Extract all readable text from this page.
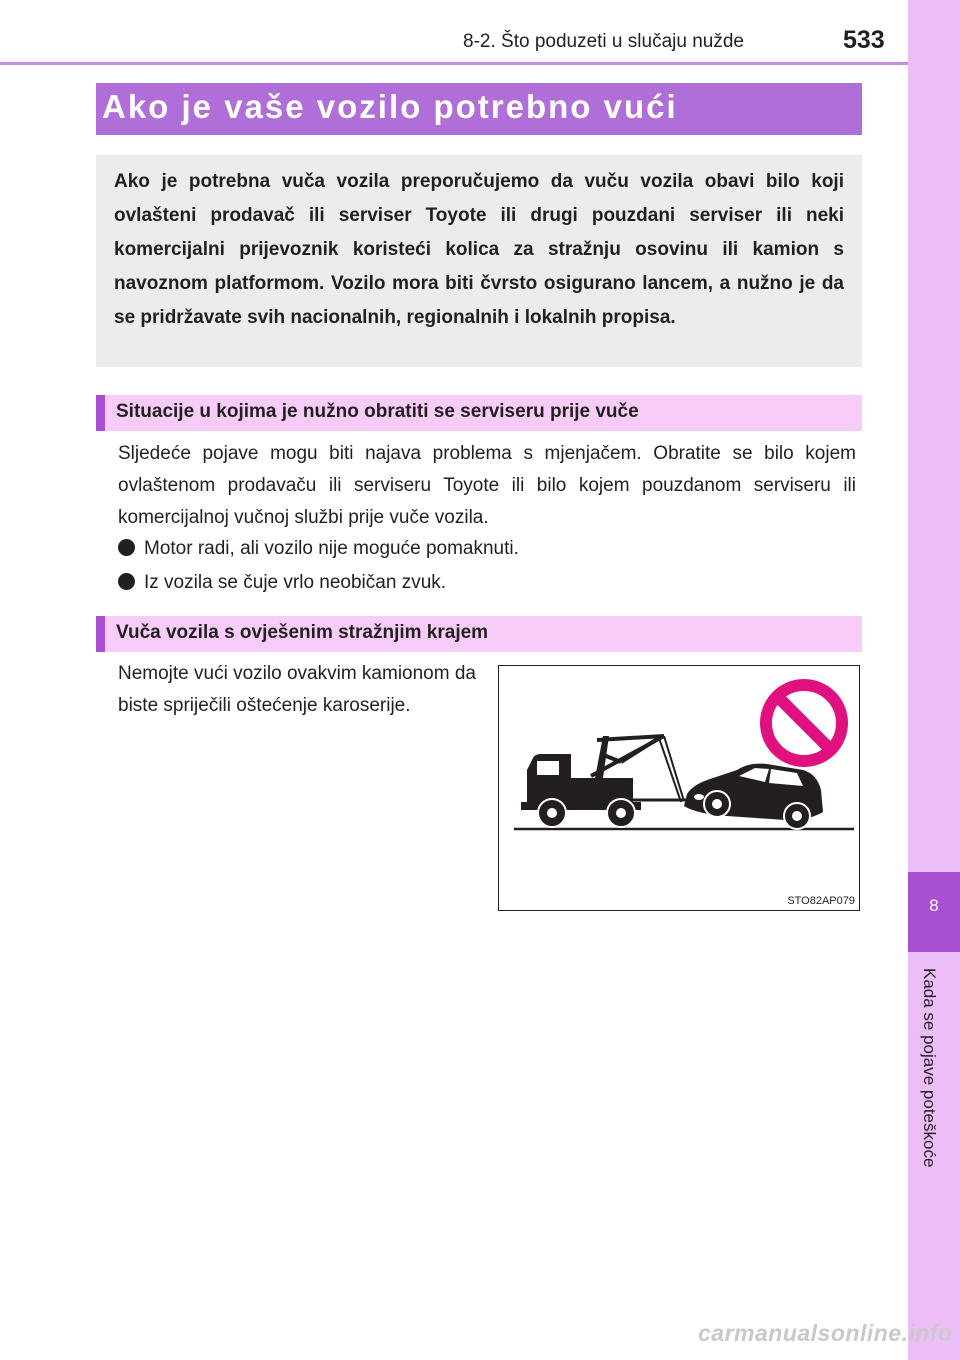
8-2. Što poduzeti u slučaju nužde	533
8
Kada se pojave poteškoće
Ako je vaše vozilo potrebno vući
Ako je potrebna vuča vozila preporučujemo da vuču vozila obavi bilo koji ovlašteni prodavač ili serviser Toyote ili drugi pouzdani serviser ili neki komercijalni prijevoznik koristeći kolica za stražnju osovinu ili kamion s navoznom platformom. Vozilo mora biti čvrsto osigurano lancem, a nužno je da se pridržavate svih nacionalnih, regionalnih i lokalnih propisa.
Situacije u kojima je nužno obratiti se serviseru prije vuče
Sljedeće pojave mogu biti najava problema s mjenjačem. Obratite se bilo kojem ovlaštenom prodavaču ili serviseru Toyote ili bilo kojem pouzdanom serviseru ili komercijalnoj vučnoj službi prije vuče vozila.
Motor radi, ali vozilo nije moguće pomaknuti.
Iz vozila se čuje vrlo neobičan zvuk.
Vuča vozila s ovješenim stražnjim krajem
Nemojte vući vozilo ovakvim kamionom da biste spriječili oštećenje karoserije.
STO82AP079
carmanualsonline.info
